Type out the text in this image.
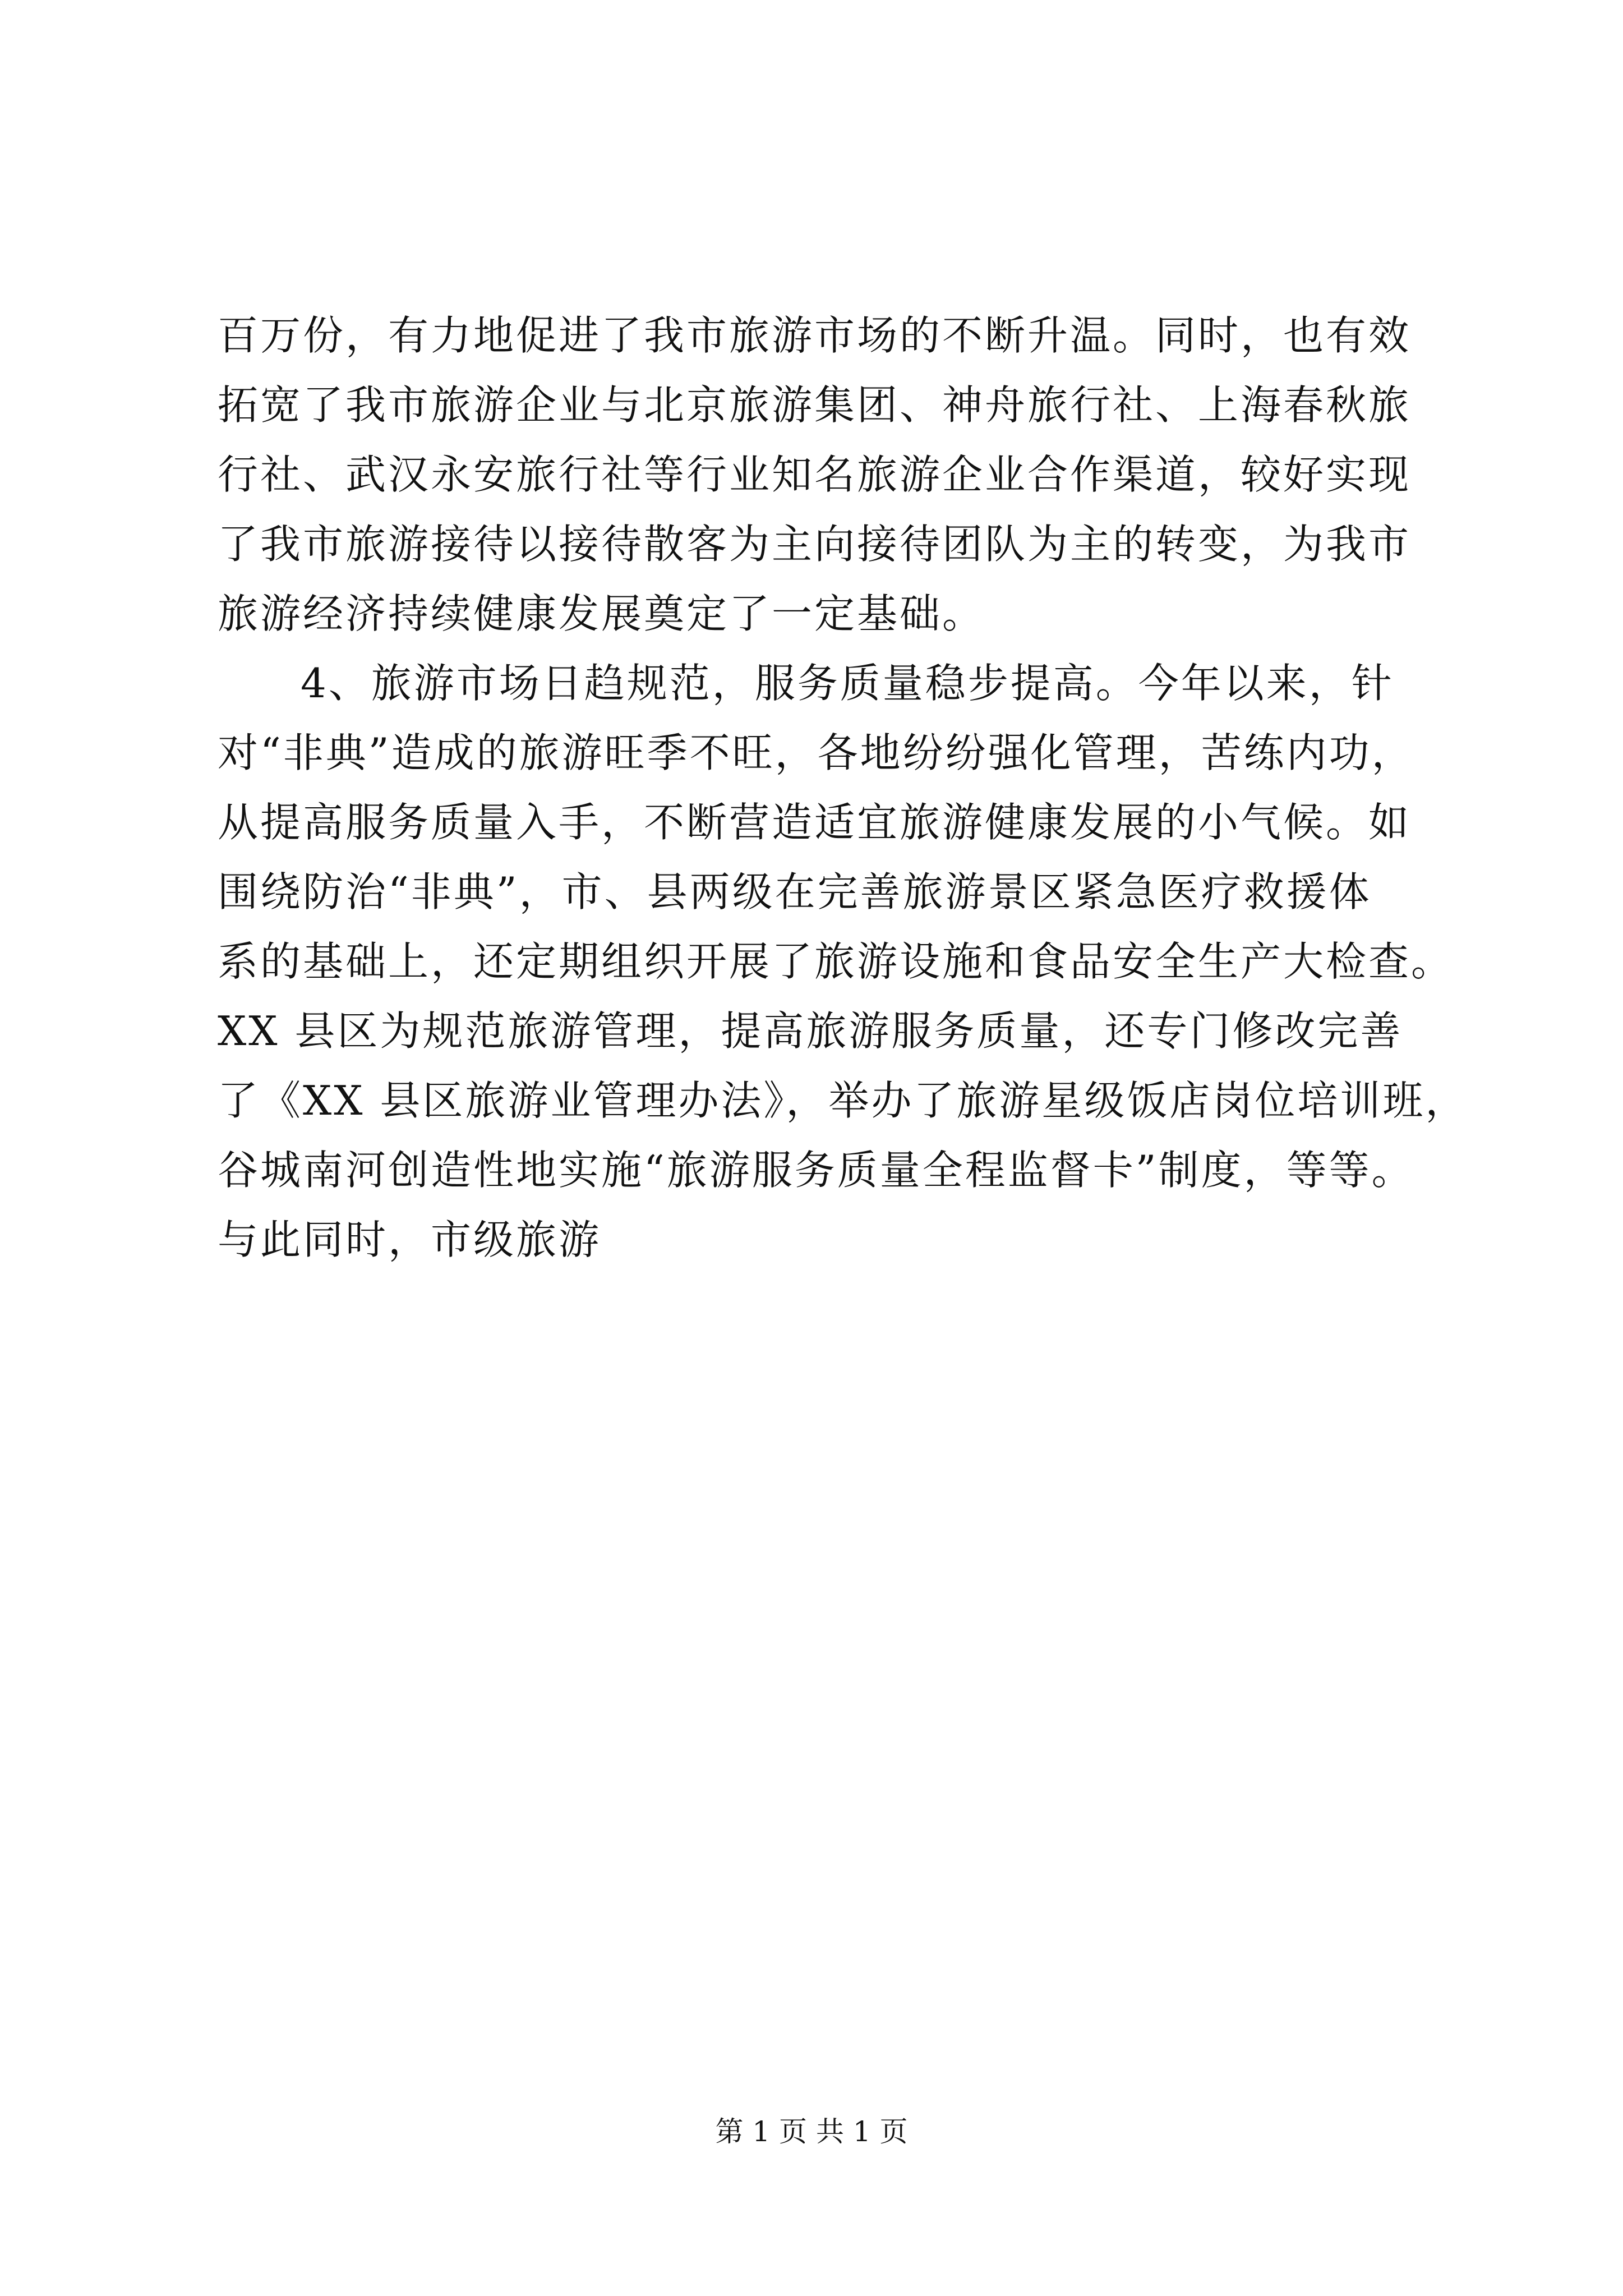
百万份，有力地促进了我市旅游市场的不断升温。同时，也有效
拓宽了我市旅游企业与北京旅游集团、神舟旅行社、上海春秋旅
行社、武汉永安旅行社等行业知名旅游企业合作渠道，较好实现
了我市旅游接待以接待散客为主向接待团队为主的转变，为我市
旅游经济持续健康发展奠定了一定基础。
4、旅游市场日趋规范，服务质量稳步提高。今年以来，针
对“非典”造成的旅游旺季不旺，各地纷纷强化管理，苦练内功，
从提高服务质量入手，不断营造适宜旅游健康发展的小气候。如
围绕防治“非典”，市、县两级在完善旅游景区紧急医疗救援体
系的基础上，还定期组织开展了旅游设施和食品安全生产大检查。
XX 县区为规范旅游管理，提高旅游服务质量，还专门修改完善
了《XX 县区旅游业管理办法》，举办了旅游星级饭店岗位培训班，
谷城南河创造性地实施“旅游服务质量全程监督卡”制度，等等。
与此同时，市级旅游
第 1 页 共 1 页
